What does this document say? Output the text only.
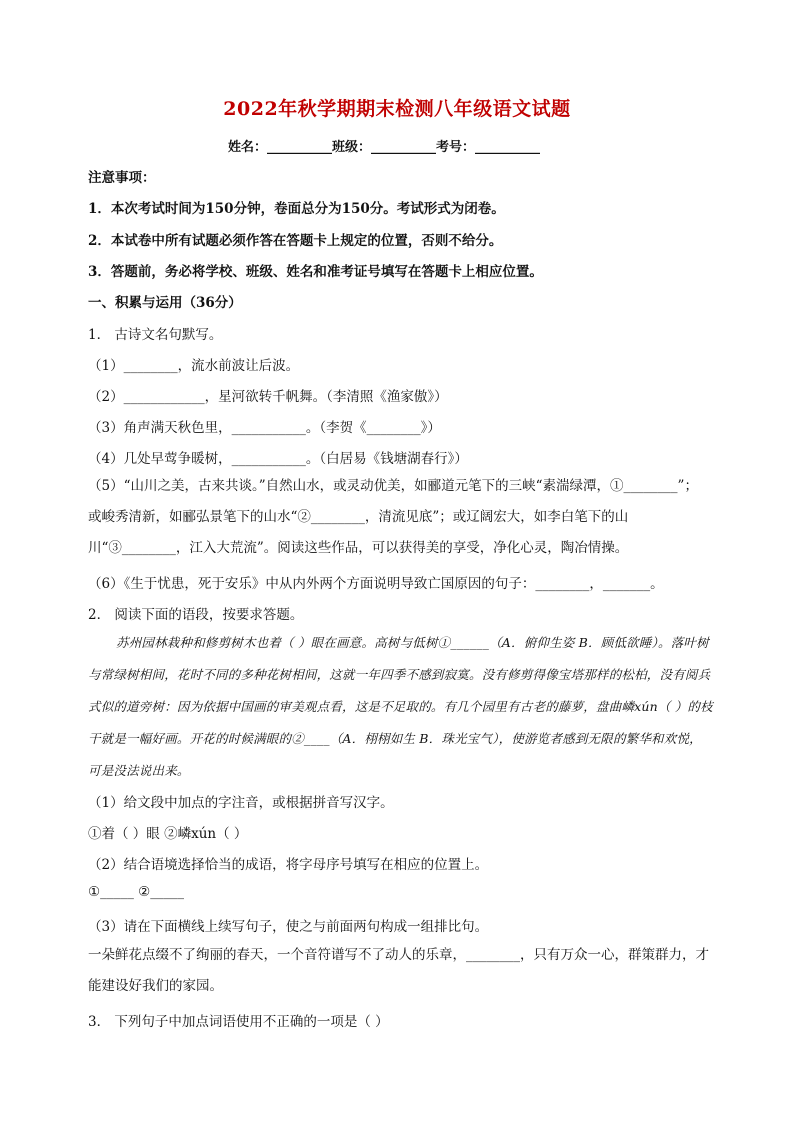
2022年秋学期期末检测八年级语文试题
姓名：__________班级：__________考号：__________
注意事项：
1．本次考试时间为150分钟，卷面总分为150分。考试形式为闭卷。
2．本试卷中所有试题必须作答在答题卡上规定的位置，否则不给分。
3．答题前，务必将学校、班级、姓名和准考证号填写在答题卡上相应位置。
一、积累与运用（36分）
1． 古诗文名句默写。
（1）________，流水前波让后波。
（2）____________，星河欲转千帆舞。（李清照《渔家傲》）
（3）角声满天秋色里，___________。（李贺《________》）
（4）几处早莺争暖树，___________。（白居易《钱塘湖春行》）
（5）“山川之美，古来共谈。”自然山水，或灵动优美，如郦道元笔下的三峡“素湍绿潭，①________”；或峻秀清新，如郦弘景笔下的山水“②________，清流见底”；或辽阔宏大，如李白笔下的山川“③________，江入大荒流”。阅读这些作品，可以获得美的享受，净化心灵，陶冶情操。
（6）《生于忧患，死于安乐》中从内外两个方面说明导致亡国原因的句子：________，_______。
2． 阅读下面的语段，按要求答题。
苏州园林栽种和修剪树木也着（ ）眼在画意。高树与低树①______（A．俯仰生姿 B．顾低欲睡）。落叶树与常绿树相间，花时不同的多种花树相间，这就一年四季不感到寂寞。没有修剪得像宝塔那样的松柏，没有阅兵式似的道旁树：因为依据中国画的审美观点看，这是不足取的。有几个园里有古老的藤萝，盘曲嶙xún（ ）的枝干就是一幅好画。开花的时候满眼的②____（A．栩栩如生 B．珠光宝气），使游览者感到无限的繁华和欢悦，可是没法说出来。
（1）给文段中加点的字注音，或根据拼音写汉字。
①着（ ）眼 ②嶙xún（ ）
（2）结合语境选择恰当的成语，将字母序号填写在相应的位置上。
①_____ ②_____
（3）请在下面横线上续写句子，使之与前面两句构成一组排比句。
一朵鲜花点缀不了绚丽的春天，一个音符谱写不了动人的乐章，________，只有万众一心，群策群力，才能建设好我们的家园。
3． 下列句子中加点词语使用不正确的一项是（ ）
